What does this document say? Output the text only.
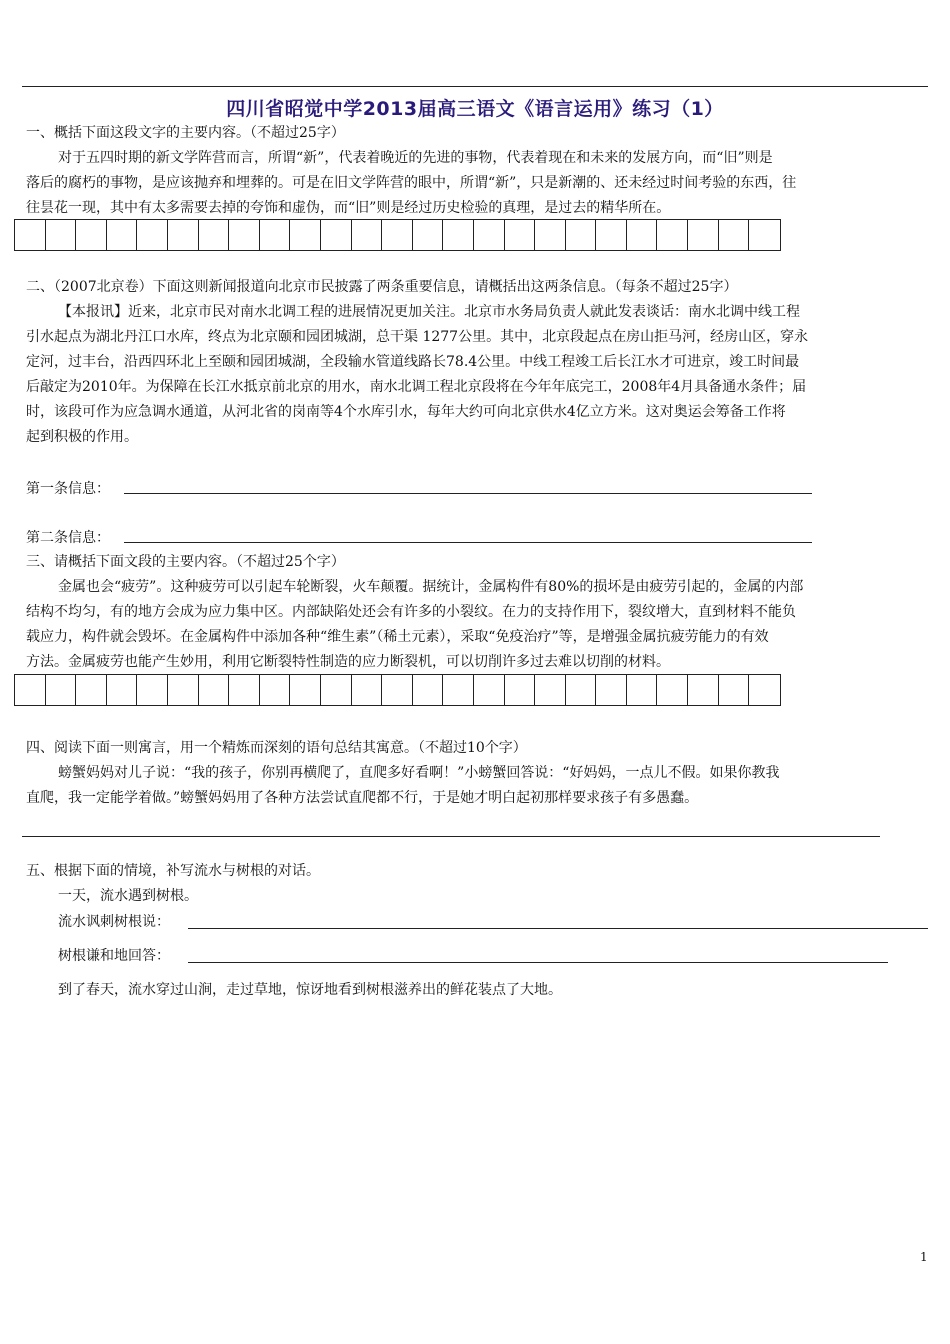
四川省昭觉中学2013届高三语文《语言运用》练习（1）
一、概括下面这段文字的主要内容。（不超过25字）
对于五四时期的新文学阵营而言，所谓“新”，代表着晚近的先进的事物，代表着现在和未来的发展方向，而“旧”则是
落后的腐朽的事物，是应该抛弃和埋葬的。可是在旧文学阵营的眼中，所谓“新”，只是新潮的、还未经过时间考验的东西，往
往昙花一现，其中有太多需要去掉的夸饰和虚伪，而“旧”则是经过历史检验的真理，是过去的精华所在。
二、（2007北京卷）下面这则新闻报道向北京市民披露了两条重要信息，请概括出这两条信息。（每条不超过25字）
【本报讯】近来，北京市民对南水北调工程的进展情况更加关注。北京市水务局负责人就此发表谈话：南水北调中线工程
引水起点为湖北丹江口水库，终点为北京颐和园团城湖，总干渠 1277公里。其中，北京段起点在房山拒马河，经房山区，穿永
定河，过丰台，沿西四环北上至颐和园团城湖，全段输水管道线路长78.4公里。中线工程竣工后长江水才可进京，竣工时间最
后敲定为2010年。为保障在长江水抵京前北京的用水，南水北调工程北京段将在今年年底完工，2008年4月具备通水条件；届
时，该段可作为应急调水通道，从河北省的岗南等4个水库引水，每年大约可向北京供水4亿立方米。这对奥运会筹备工作将
起到积极的作用。
第一条信息：
第二条信息：
三、请概括下面文段的主要内容。（不超过25个字）
金属也会“疲劳”。这种疲劳可以引起车轮断裂，火车颠覆。据统计，金属构件有80%的损坏是由疲劳引起的，金属的内部
结构不均匀，有的地方会成为应力集中区。内部缺陷处还会有许多的小裂纹。在力的支持作用下，裂纹增大，直到材料不能负
载应力，构件就会毁坏。在金属构件中添加各种“维生素”（稀土元素），采取“免疫治疗”等，是增强金属抗疲劳能力的有效
方法。金属疲劳也能产生妙用，利用它断裂特性制造的应力断裂机，可以切削许多过去难以切削的材料。
四、阅读下面一则寓言，用一个精炼而深刻的语句总结其寓意。（不超过10个字）
螃蟹妈妈对儿子说：“我的孩子，你别再横爬了，直爬多好看啊！”小螃蟹回答说：“好妈妈，一点儿不假。如果你教我
直爬，我一定能学着做。”螃蟹妈妈用了各种方法尝试直爬都不行，于是她才明白起初那样要求孩子有多愚蠢。
五、根据下面的情境，补写流水与树根的对话。
一天，流水遇到树根。
流水讽刺树根说：
树根谦和地回答：
到了春天，流水穿过山涧，走过草地，惊讶地看到树根滋养出的鲜花装点了大地。
1
